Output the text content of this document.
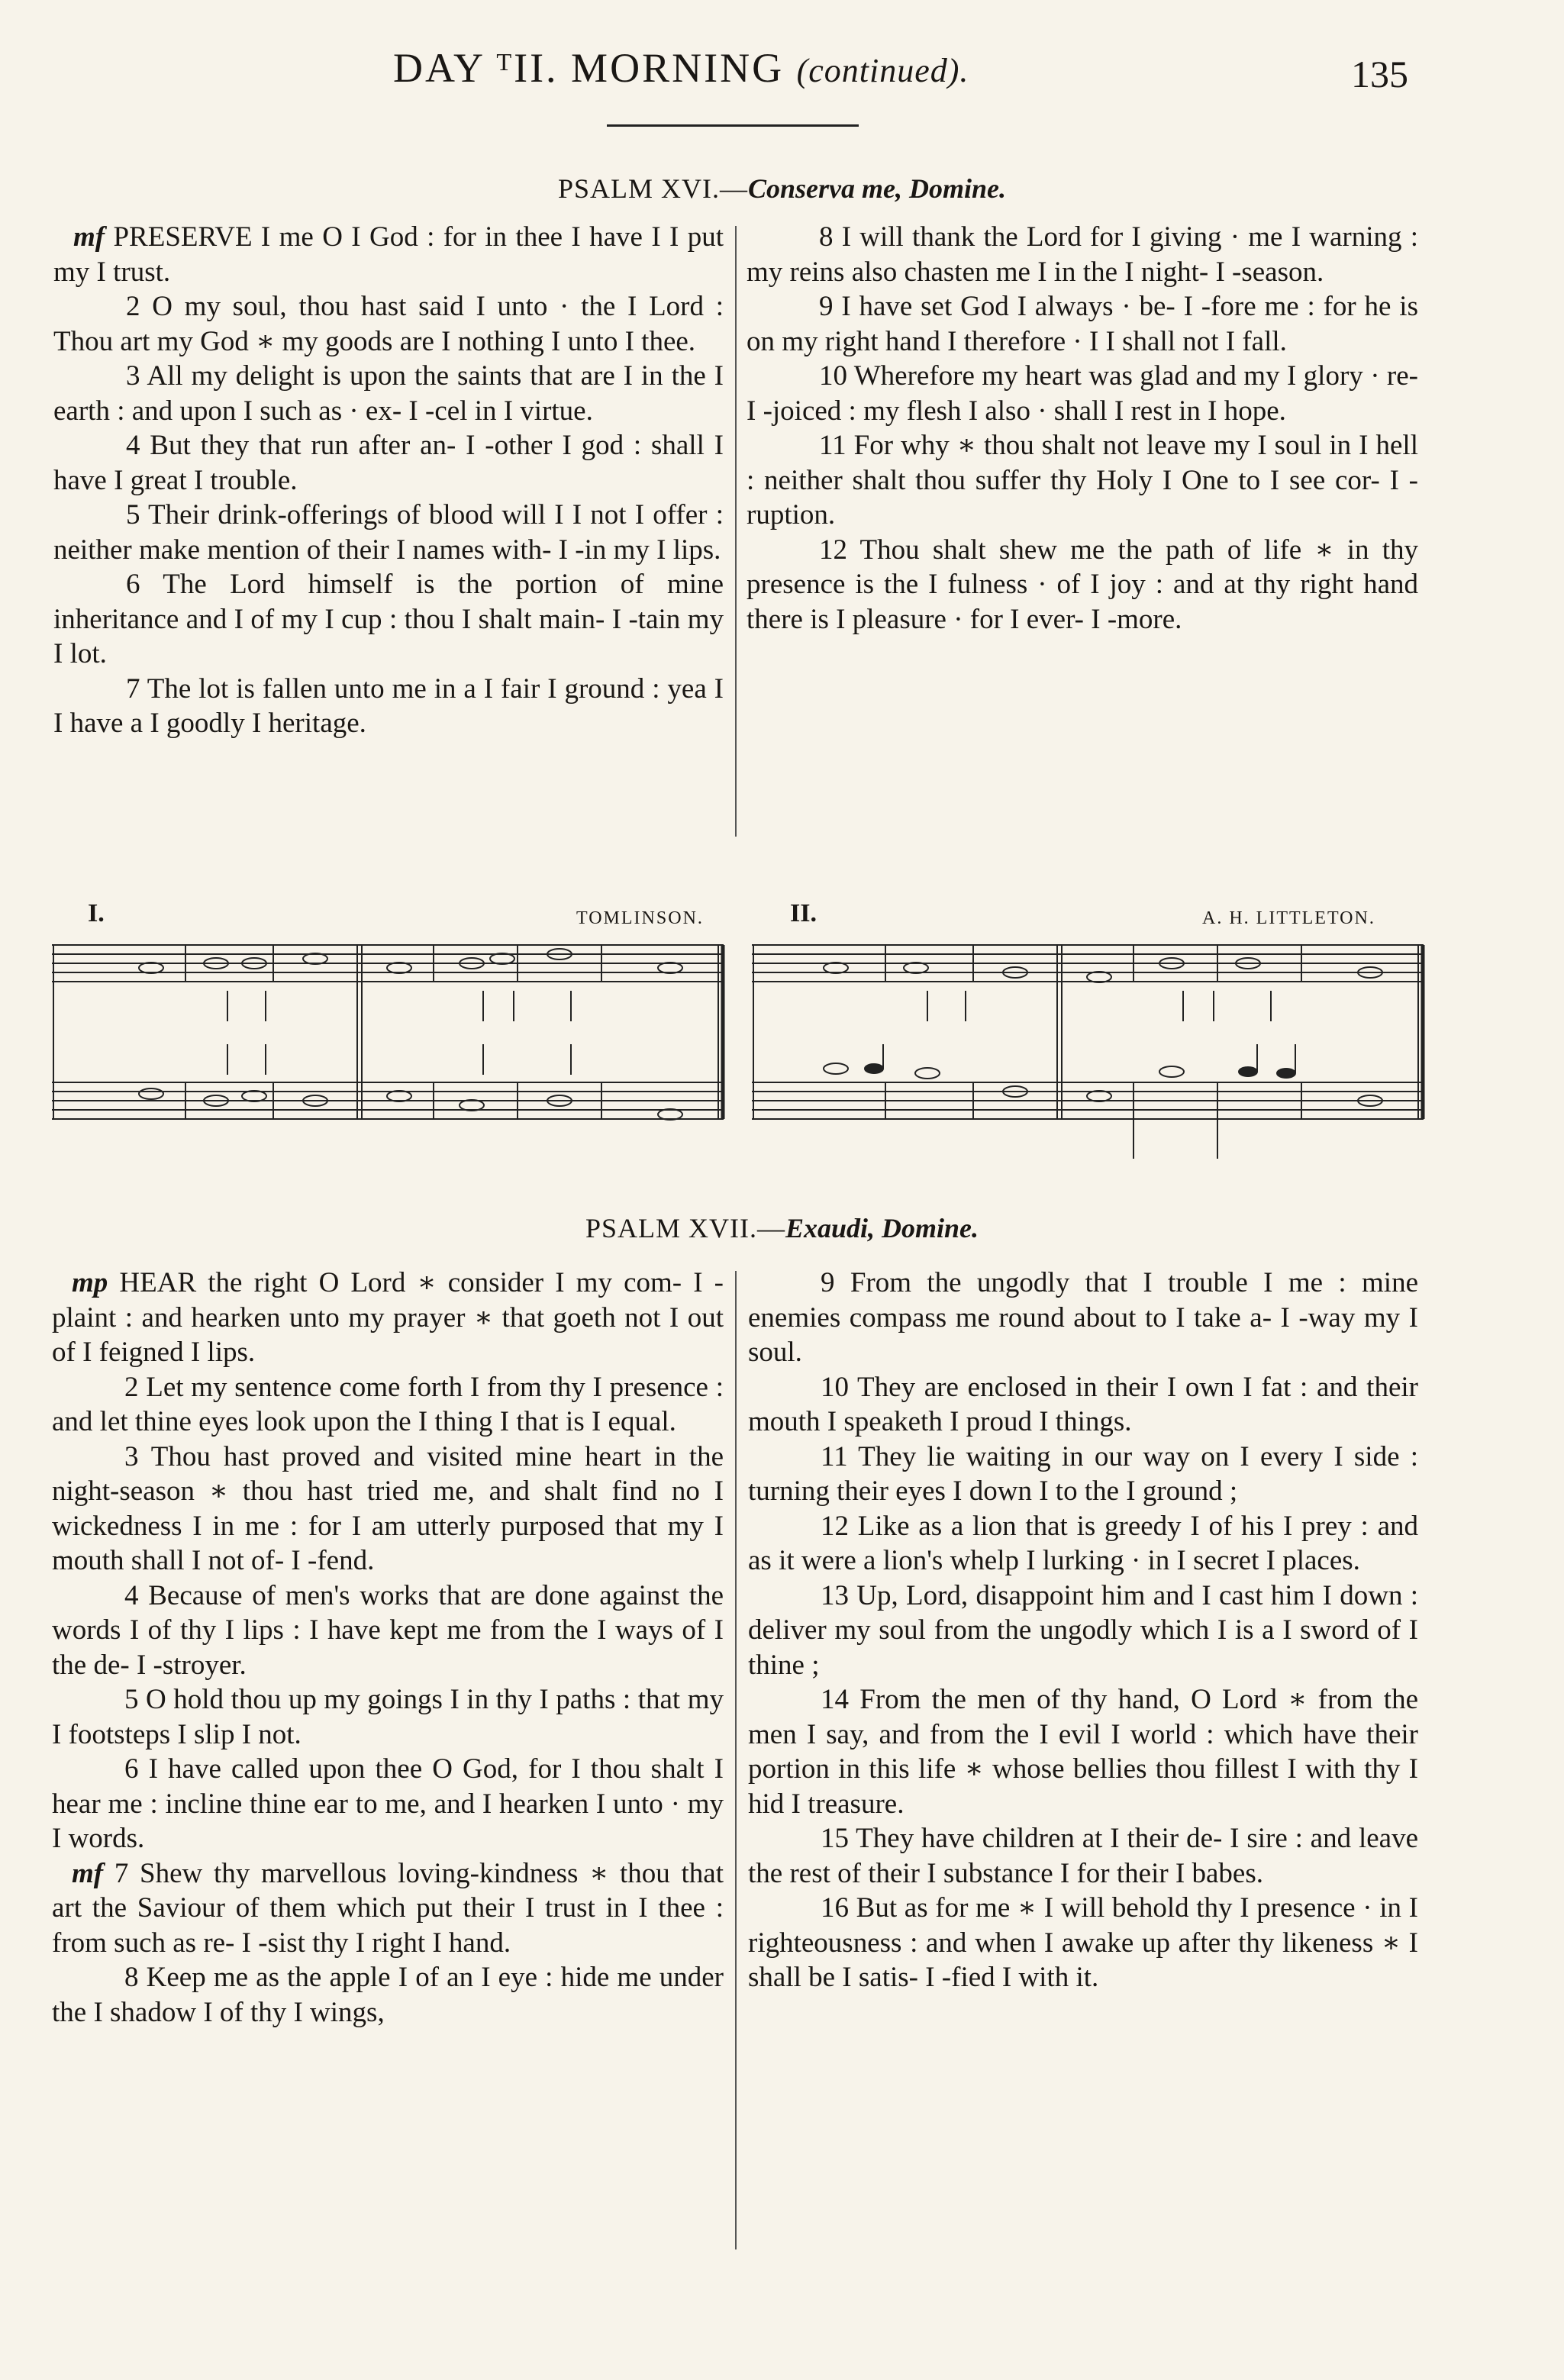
DAY ᵀII. MORNING (continued).	135
PSALM XVI.—Conserva me, Domine.

mf PRESERVE I me O I God : for in thee I have I I put my I trust.

2 O my soul, thou hast said I unto · the I Lord : Thou art my God ∗ my goods are I nothing I unto I thee.

3 All my delight is upon the saints that are I in the I earth : and upon I such as · ex- I -cel in I virtue.

4 But they that run after an- I -other I god : shall I have I great I trouble.

5 Their drink-offerings of blood will I I not I offer : neither make mention of their I names with- I -in my I lips.

6 The Lord himself is the portion of mine inheritance and I of my I cup : thou I shalt main- I -tain my I lot.

7 The lot is fallen unto me in a I fair I ground : yea I I have a I goodly I heritage.

8 I will thank the Lord for I giving · me I warning : my reins also chasten me I in the I night- I -season.

9 I have set God I always · be- I -fore me : for he is on my right hand I therefore · I I shall not I fall.

10 Wherefore my heart was glad and my I glory · re- I -joiced : my flesh I also · shall I rest in I hope.

11 For why ∗ thou shalt not leave my I soul in I hell : neither shalt thou suffer thy Holy I One to I see cor- I -ruption.

12 Thou shalt shew me the path of life ∗ in thy presence is the I fulness · of I joy : and at thy right hand there is I pleasure · for I ever- I -more.

I.	TOMLINSON.	II.	A. H. LITTLETON.
PSALM XVII.—Exaudi, Domine.

mp HEAR the right O Lord ∗ consider I my com- I -plaint : and hearken unto my prayer ∗ that goeth not I out of I feigned I lips.

2 Let my sentence come forth I from thy I presence : and let thine eyes look upon the I thing I that is I equal.

3 Thou hast proved and visited mine heart in the night-season ∗ thou hast tried me, and shalt find no I wickedness I in me : for I am utterly purposed that my I mouth shall I not of- I -fend.

4 Because of men's works that are done against the words I of thy I lips : I have kept me from the I ways of I the de- I -stroyer.

5 O hold thou up my goings I in thy I paths : that my I footsteps I slip I not.

6 I have called upon thee O God, for I thou shalt I hear me : incline thine ear to me, and I hearken I unto · my I words.

mf 7 Shew thy marvellous loving-kindness ∗ thou that art the Saviour of them which put their I trust in I thee : from such as re- I -sist thy I right I hand.

8 Keep me as the apple I of an I eye : hide me under the I shadow I of thy I wings,

9 From the ungodly that I trouble I me : mine enemies compass me round about to I take a- I -way my I soul.

10 They are enclosed in their I own I fat : and their mouth I speaketh I proud I things.

11 They lie waiting in our way on I every I side : turning their eyes I down I to the I ground ;

12 Like as a lion that is greedy I of his I prey : and as it were a lion's whelp I lurking · in I secret I places.

13 Up, Lord, disappoint him and I cast him I down : deliver my soul from the ungodly which I is a I sword of I thine ;

14 From the men of thy hand, O Lord ∗ from the men I say, and from the I evil I world : which have their portion in this life ∗ whose bellies thou fillest I with thy I hid I treasure.

15 They have children at I their de- I sire : and leave the rest of their I substance I for their I babes.

16 But as for me ∗ I will behold thy I presence · in I righteousness : and when I awake up after thy likeness ∗ I shall be I satis- I -fied I with it.
